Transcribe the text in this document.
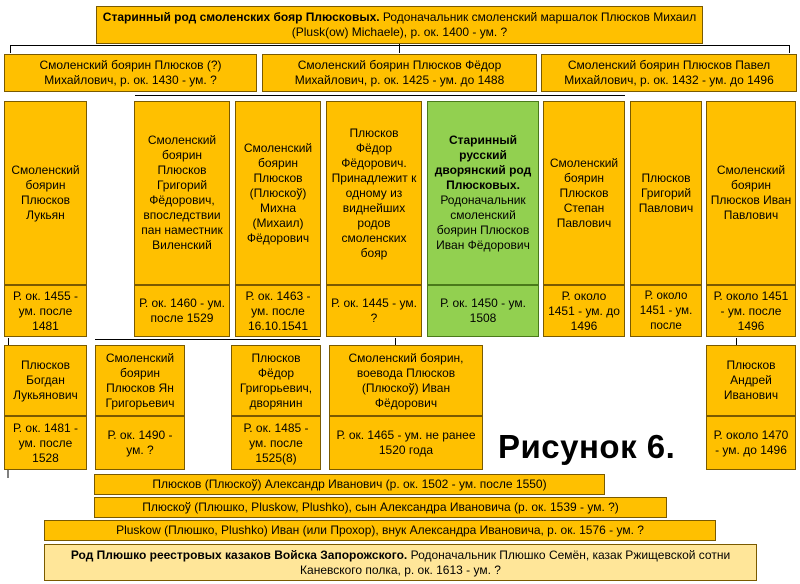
Старинный род смоленских бояр Плюсковых. Родоначальник смоленский маршалок Плюсков Михаил (Plusk(ow) Michaele), р. ок. 1400 - ум. ?
Смоленский боярин Плюсков (?) Михайлович, р. ок. 1430 - ум. ?
Смоленский боярин Плюсков Фёдор Михайлович, р. ок. 1425 - ум. до 1488
Смоленский боярин Плюсков Павел Михайлович, р. ок. 1432 - ум. до 1496
Смоленский боярин Плюсков Лукьян
Смоленский боярин Плюсков Григорий Фёдорович, впоследствии пан наместник Виленский
Смоленский боярин Плюсков (Плюскоў) Михна (Михаил) Фёдорович
Плюсков Фёдор Фёдорович. Принадлежит к одному из виднейших родов смоленских бояр
Старинный русский дворянский род Плюсковых. Родоначальник смоленский боярин Плюсков Иван Фёдорович
Смоленский боярин Плюсков Степан Павлович
Плюсков Григорий Павлович
Смоленский боярин Плюсков Иван Павлович
Р. ок. 1455 - ум. после 1481
Р. ок. 1460 - ум. после 1529
Р. ок. 1463 - ум. после 16.10.1541
Р. ок. 1445 - ум. ?
Р. ок. 1450 - ум. 1508
Р. около 1451 - ум. до 1496
Р. около 1451 - ум. после
Р. около 1451 - ум. после 1496
Плюсков Богдан Лукьянович
Р. ок. 1481 - ум. после 1528
Смоленский боярин Плюсков Ян Григорьевич
Р. ок. 1490 - ум. ?
Плюсков Фёдор Григорьевич, дворянин
Р. ок. 1485 - ум. после 1525(8)
Смоленский боярин, воевода Плюсков (Плюскоў) Иван Фёдорович
Р. ок. 1465 - ум. не ранее 1520 года
Плюсков Андрей Иванович
Р. около 1470 - ум. до 1496
Рисунок 6.
Плюсков (Плюскоў) Александр Иванович (р. ок. 1502 - ум. после 1550)
Плюскоў (Плюшко, Pluskow, Plushko), сын Александра Ивановича (р. ок. 1539 - ум. ?)
Pluskow (Плюшко, Plushko) Иван (или Прохор), внук Александра Ивановича, р. ок. 1576 - ум. ?
Род Плюшко реестровых казаков Войска Запорожского. Родоначальник Плюшко Семён, казак Ржищевской сотни Каневского полка, р. ок. 1613 - ум. ?
